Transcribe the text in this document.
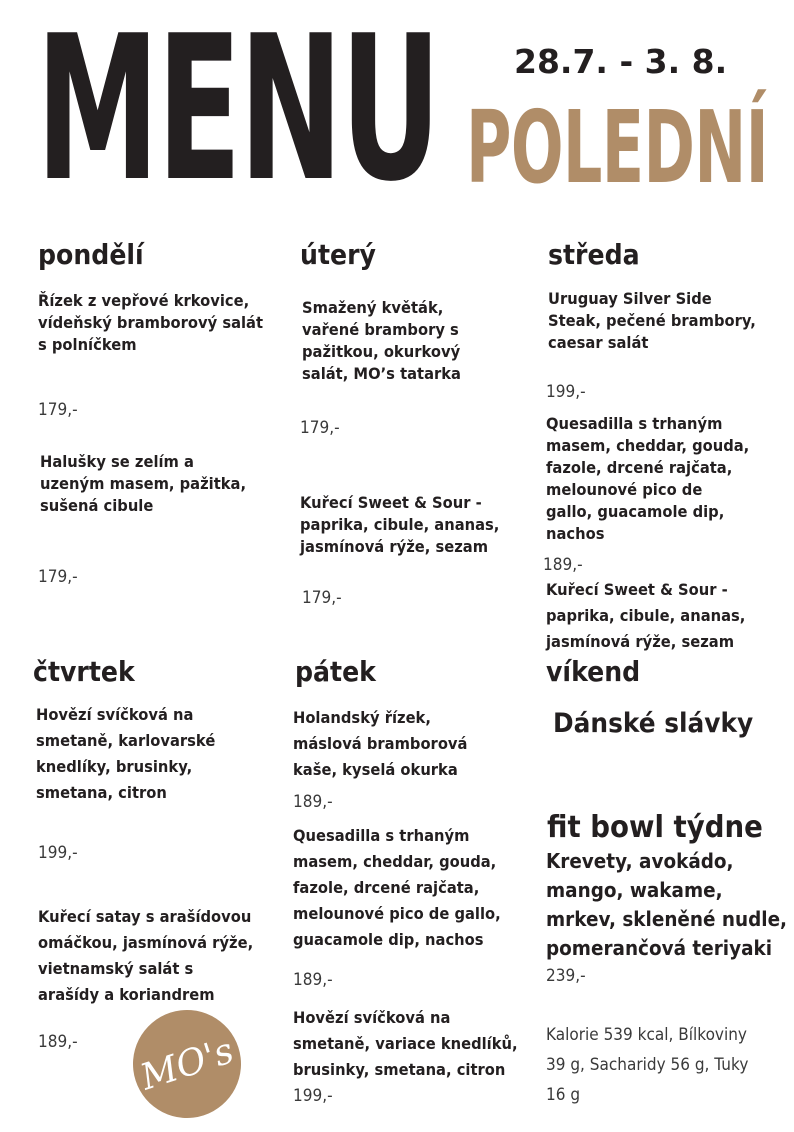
MENU 28.7. - 3. 8.
POLEDNÍ
pondělí
Řízek z vepřové krkovice, vídeňský bramborový salát s polníčkem
179,-
Halušky se zelím a uzeným masem, pažitka, sušená cibule
179,-
úterý
Smažený květák, vařené brambory s pažitkou, okurkový salát, MO’s tatarka
179,-
Kuřecí Sweet & Sour - paprika, cibule, ananas, jasmínová rýže, sezam
179,-
středa
Uruguay Silver Side Steak, pečené brambory, caesar salát
199,-
Quesadilla s trhaným masem, cheddar, gouda, fazole, drcené rajčata, melounové pico de gallo, guacamole dip, nachos
189,-
Kuřecí Sweet & Sour - paprika, cibule, ananas, jasmínová rýže, sezam
čtvrtek
Hovězí svíčková na smetaně, karlovarské knedlíky, brusinky, smetana, citron
199,-
Kuřecí satay s arašídovou omáčkou, jasmínová rýže, vietnamský salát s arašídy a koriandrem
189,-
pátek
Holandský řízek, máslová bramborová kaše, kyselá okurka
189,-
Quesadilla s trhaným masem, cheddar, gouda, fazole, drcené rajčata, melounové pico de gallo, guacamole dip, nachos
189,-
Hovězí svíčková na smetaně, variace knedlíků, brusinky, smetana, citron
199,-
víkend
Dánské slávky
fit bowl týdne
Krevety, avokádo, mango, wakame, mrkev, skleněné nudle, pomerančová teriyaki
239,-
Kalorie 539 kcal, Bílkoviny 39 g, Sacharidy 56 g, Tuky 16 g
MO's
